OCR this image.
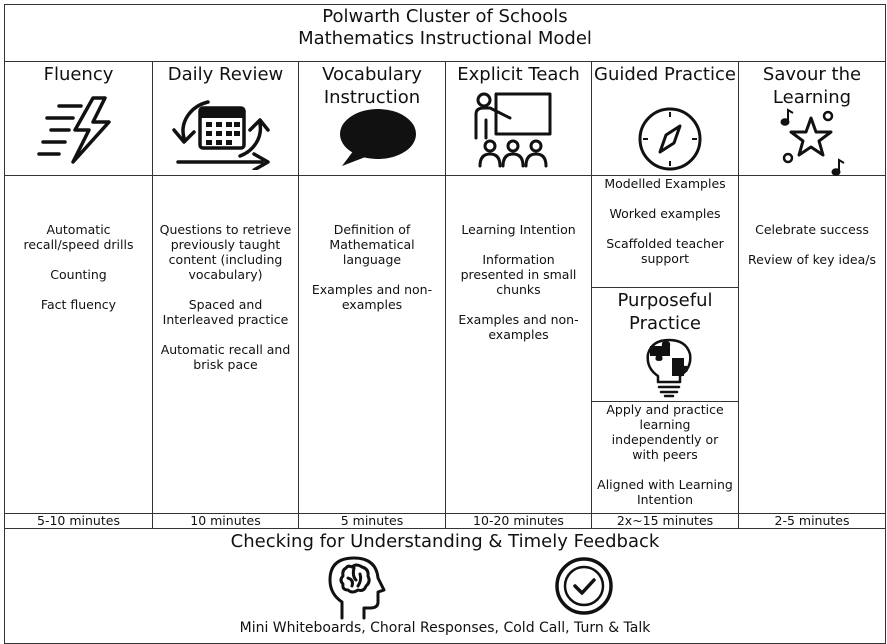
Polwarth Cluster of Schools
Mathematics Instructional Model
Fluency

Automatic recall/speed drills

Counting

Fact fluency

5-10 minutes
Daily Review

Questions to retrieve previously taught content (including vocabulary)

Spaced and Interleaved practice

Automatic recall and brisk pace

10 minutes
Vocabulary Instruction

Definition of Mathematical language

Examples and non-examples

5 minutes
Explicit Teach

Learning Intention

Information presented in small chunks

Examples and non-examples

10-20 minutes
Guided Practice

Modelled Examples

Worked examples

Scaffolded teacher support

Purposeful Practice

Apply and practice learning independently or with peers

Aligned with Learning Intention

2x~15 minutes
Savour the Learning

Celebrate success

Review of key idea/s

2-5 minutes
Checking for Understanding & Timely Feedback
Mini Whiteboards, Choral Responses, Cold Call, Turn & Talk
